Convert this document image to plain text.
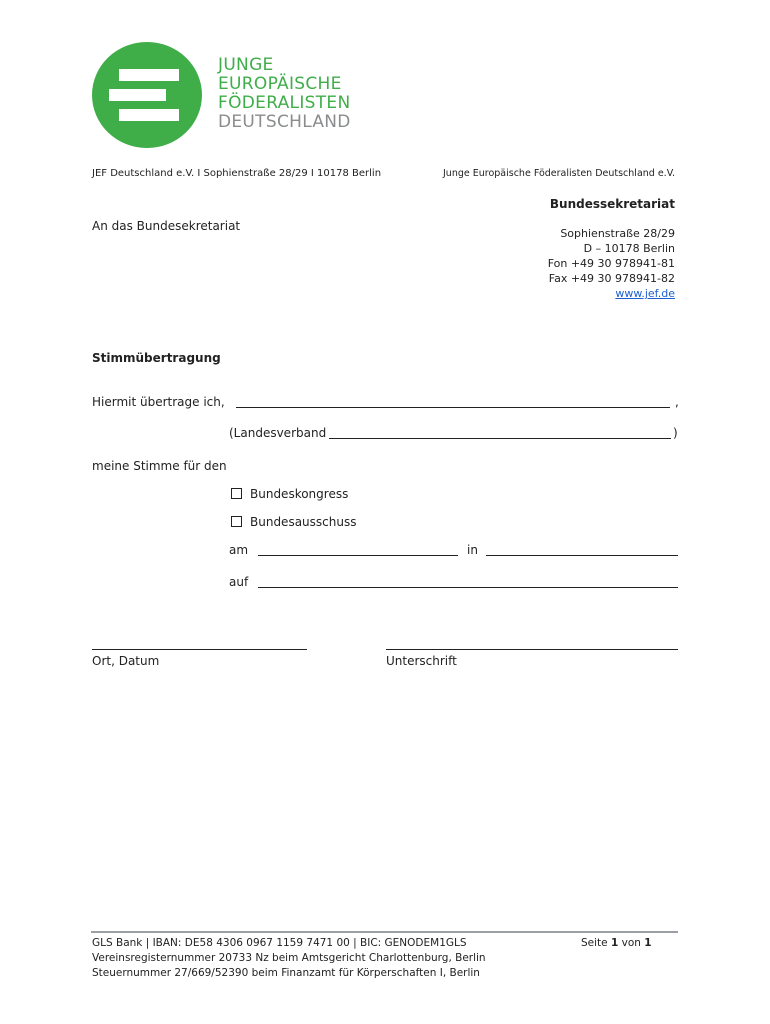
JUNGE
EUROPÄISCHE
FÖDERALISTEN
DEUTSCHLAND
JEF Deutschland e.V. I Sophienstraße 28/29 I 10178 Berlin	Junge Europäische Föderalisten Deutschland e.V.
An das Bundesekretariat
Bundessekretariat
Sophienstraße 28/29
D – 10178 Berlin
Fon +49 30 978941-81
Fax +49 30 978941-82
www.jef.de
Stimmübertragung
Hiermit übertrage ich,	,
(Landesverband	)
meine Stimme für den
Bundeskongress
Bundesausschuss
am	in
auf
Ort, Datum	Unterschrift
GLS Bank | IBAN: DE58 4306 0967 1159 7471 00 | BIC: GENODEM1GLS
Vereinsregisternummer 20733 Nz beim Amtsgericht Charlottenburg, Berlin
Steuernummer 27/669/52390 beim Finanzamt für Körperschaften I, Berlin
Seite 1 von 1
